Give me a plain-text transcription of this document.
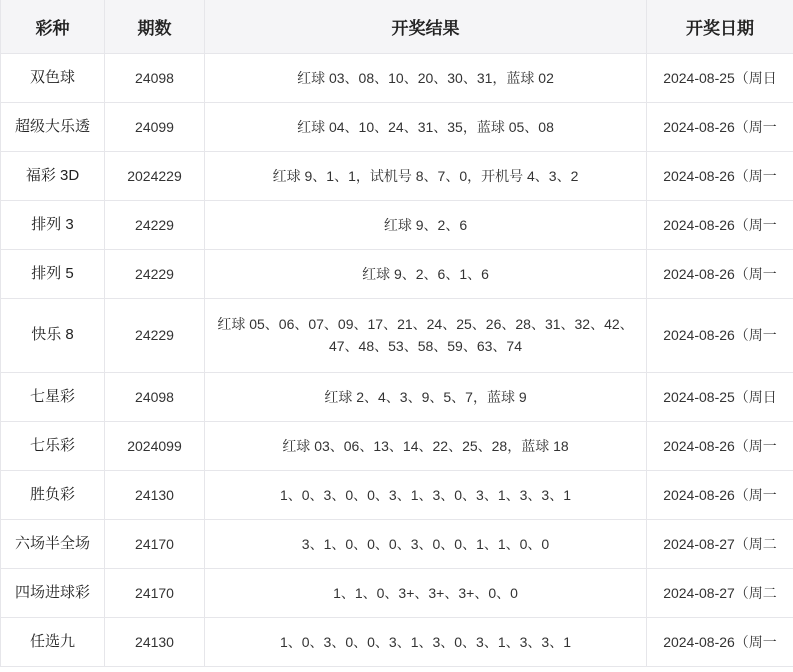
彩种	期数	开奖结果	开奖日期
双色球	24098	红球 03、08、10、20、30、31，蓝球 02	2024-08-25（周日
超级大乐透	24099	红球 04、10、24、31、35，蓝球 05、08	2024-08-26（周一
福彩 3D	2024229	红球 9、1、1，试机号 8、7、0，开机号 4、3、2	2024-08-26（周一
排列 3	24229	红球 9、2、6	2024-08-26（周一
排列 5	24229	红球 9、2、6、1、6	2024-08-26（周一
快乐 8	24229	红球 05、06、07、09、17、21、24、25、26、28、31、32、42、47、48、53、58、59、63、74	2024-08-26（周一
七星彩	24098	红球 2、4、3、9、5、7，蓝球 9	2024-08-25（周日
七乐彩	2024099	红球 03、06、13、14、22、25、28，蓝球 18	2024-08-26（周一
胜负彩	24130	1、0、3、0、0、3、1、3、0、3、1、3、3、1	2024-08-26（周一
六场半全场	24170	3、1、0、0、0、3、0、0、1、1、0、0	2024-08-27（周二
四场进球彩	24170	1、1、0、3+、3+、3+、0、0	2024-08-27（周二
任选九	24130	1、0、3、0、0、3、1、3、0、3、1、3、3、1	2024-08-26（周一
